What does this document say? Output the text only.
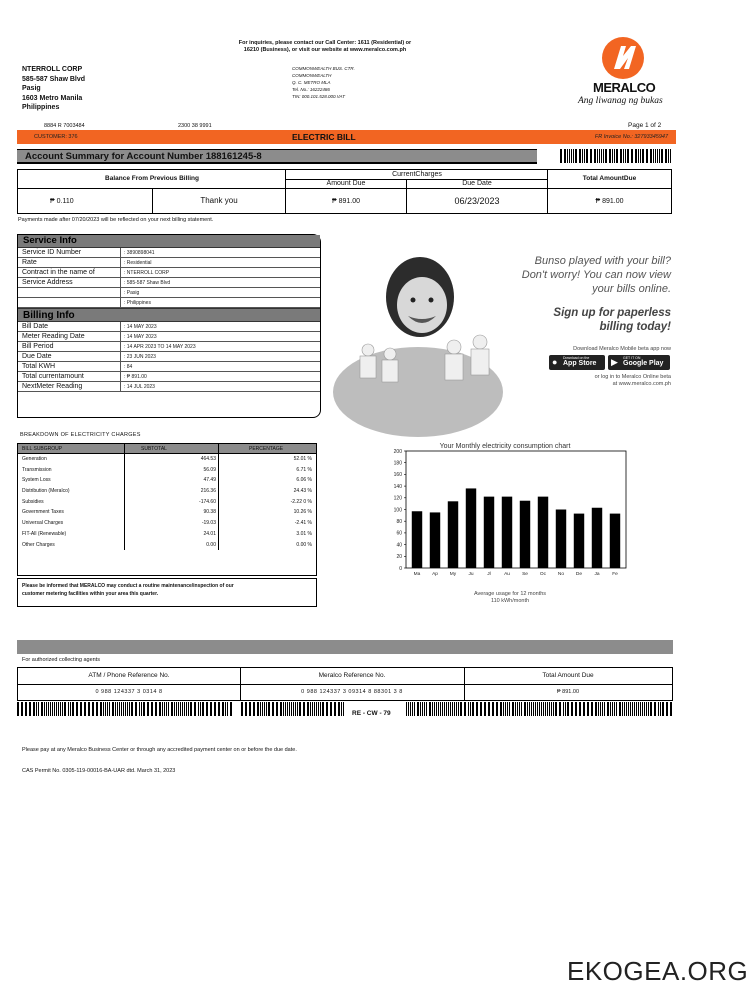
For inquiries, please contact our Call Center: 1611 (Residential) or
16210 (Business), or visit our website at www.meralco.com.ph
MERALCO
Ang liwanag ng bukas
NTERROLL CORP
585-587 Shaw Blvd
Pasig
1603 Metro Manila
Philippines
COMMONWEALTH BUS. CTR.
COMMONWEALTH
Q. C. METRO MLA
Tel. No.: 16222486
TIN: 000.101.528.000.VAT
8884 R 7003484	2300 38 9991	Page 1 of 2
CUSTOMER: 376	ELECTRIC BILL	FR Invoice No.: 32793345947
Account Summary for Account Number 188161245-8
Balance From Previous Billing
₱ 0.110	Thank you
CurrentCharges
Amount Due	Due Date
₱ 891.00	06/23/2023
Total AmountDue
₱ 891.00
Payments made after 07/20/2023 will be reflected on your next billing statement.
Service Info
Service ID Number	: 3890898041
Rate	: Residential
Contract in the name of	: NTERROLL CORP
Service Address	: 585-587 Shaw Blvd
: Pasig
: Philippines
Billing Info
Bill Date	: 14 MAY 2023
Meter Reading Date	: 14 MAY 2023
Bill Period	: 14 APR 2023 TO 14 MAY 2023
Due Date	: 23 JUN 2023
Total KWH	: 84
Total currentamount	: ₱ 891.00
NextMeter Reading	: 14 JUL 2023
Bunso played with your bill?
Don't worry! You can now view
your bills online.
Sign up for paperless
billing today!
Download Meralco Mobile beta app now
● Download on the
App Store ▶ GET IT ON
Google Play
or log in to Meralco Online beta
at www.meralco.com.ph
BREAKDOWN OF ELECTRICITY CHARGES
BILL SUBGROUP	SUBTOTAL	PERCENTAGE
Generation	464.53	52.01 %
Transmission	56.09	6.71 %
System Loss	47.49	6.06 %
Distribution (Meralco)	216.36	24.43 %
Subsidies	-174.60	-2.22 0 %
Government Taxes	90.38	10.26 %
Universal Charges	-19.03	-2.41 %
FIT-All (Renewable)	24.01	3.01 %
Other Charges	0.00	0.00 %
Please be informed that MERALCO may conduct a routine maintenance/inspection of our
customer metering facilities within your area this quarter.
Your Monthly electricity consumption chart
0
20
40
60
80
100
120
140
160
180
200
Ma Ap My	Ju	Jl	Au	Se Oc No De	Ja	Fe
Average usage for 12 months
110 kWh/month
For authorized collecting agents
ATM / Phone Reference No.	Meralco Reference No.	Total Amount Due
0 988 124337 3 0314 8	0 988 124337 3 09314 8 88301 3 8	₱ 891.00
RE - CW - 79
Please pay at any Meralco Business Center or through any accredited payment center on or before the due date.
CAS Permit No. 0305-119-00016-BA-UAR dtd. March 31, 2023
EKOGEA.ORG
